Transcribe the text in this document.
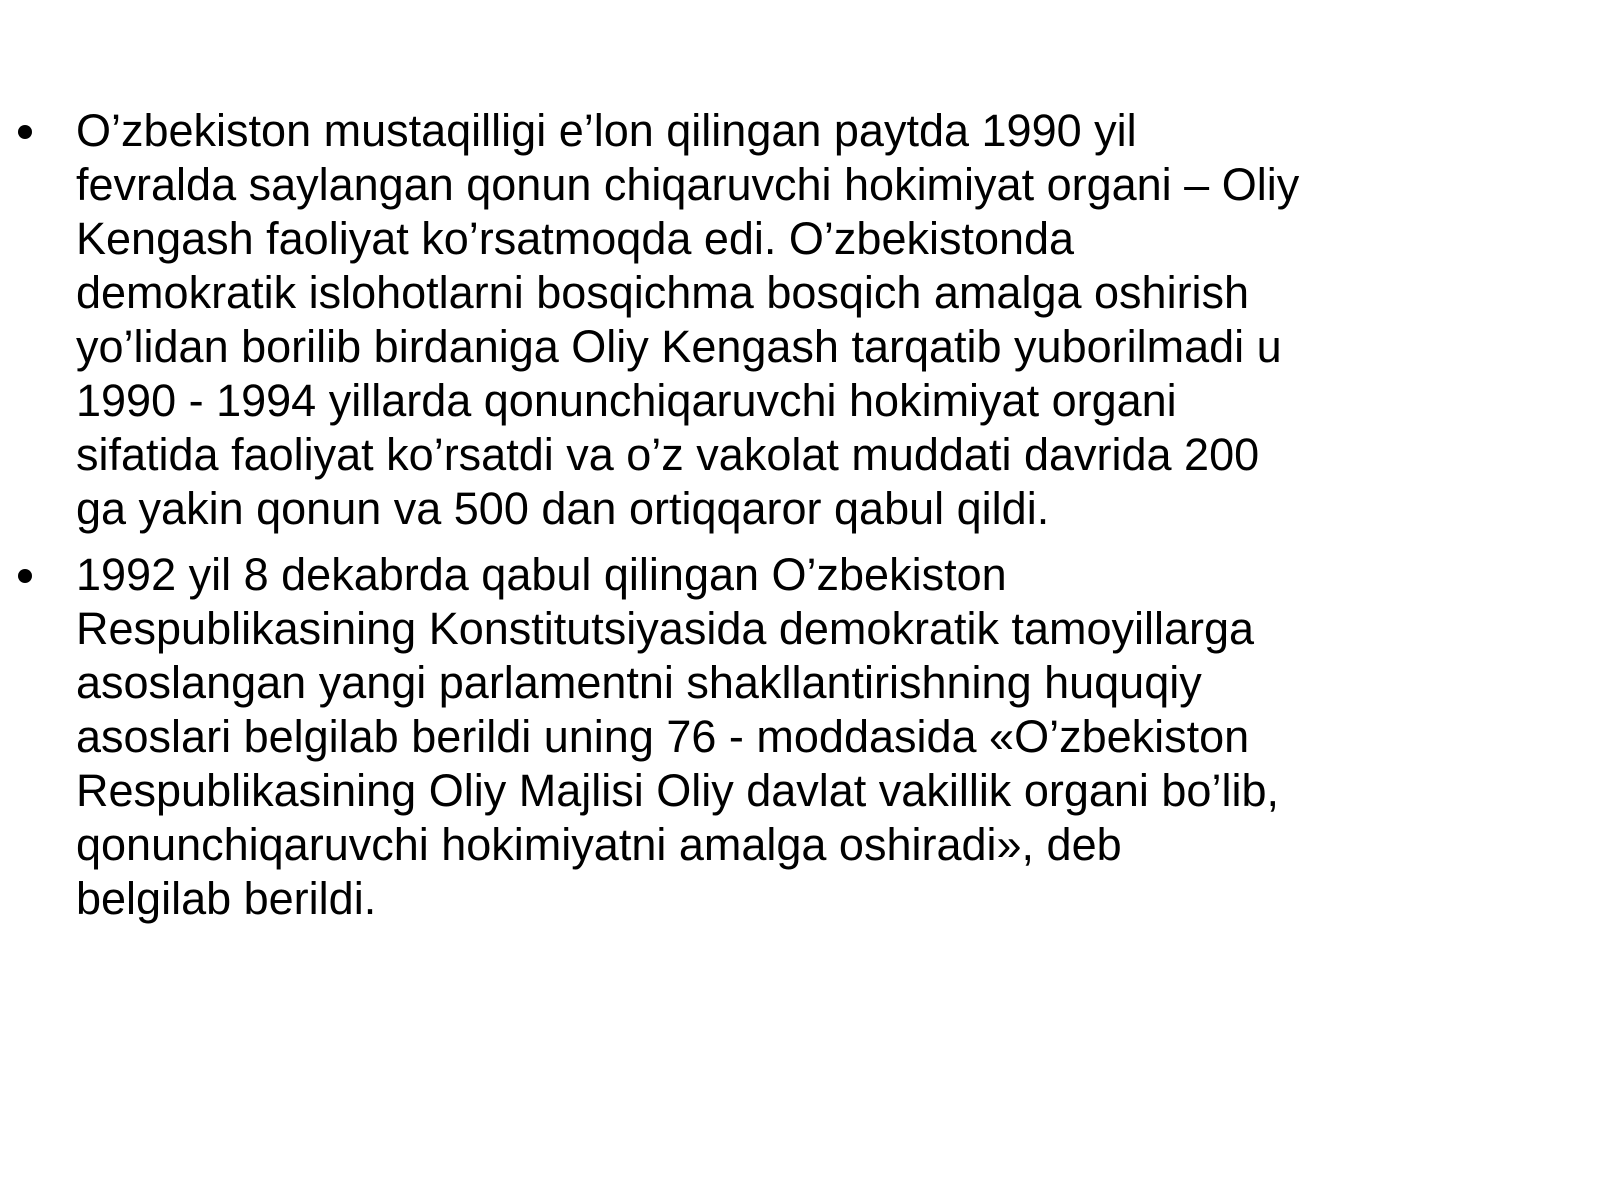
O’zbekiston mustaqilligi e’lon qilingan paytda 1990 yil
fevralda saylangan qonun chiqaruvchi hokimiyat organi – Oliy
Kengash faoliyat ko’rsatmoqda edi. O’zbekistonda
demokratik islohotlarni bosqichma bosqich amalga oshirish
yo’lidan borilib birdaniga Oliy Kengash tarqatib yuborilmadi u
1990 - 1994 yillarda qonunchiqaruvchi hokimiyat organi
sifatida faoliyat ko’rsatdi va o’z vakolat muddati davrida 200
ga yakin qonun va 500 dan ortiqqaror qabul qildi.
1992 yil 8 dekabrda qabul qilingan O’zbekiston
Respublikasining Konstitutsiyasida demokratik tamoyillarga
asoslangan yangi parlamentni shakllantirishning huquqiy
asoslari belgilab berildi uning 76 - moddasida «O’zbekiston
Respublikasining Oliy Majlisi Oliy davlat vakillik organi bo’lib,
qonunchiqaruvchi hokimiyatni amalga oshiradi», deb
belgilab berildi.
